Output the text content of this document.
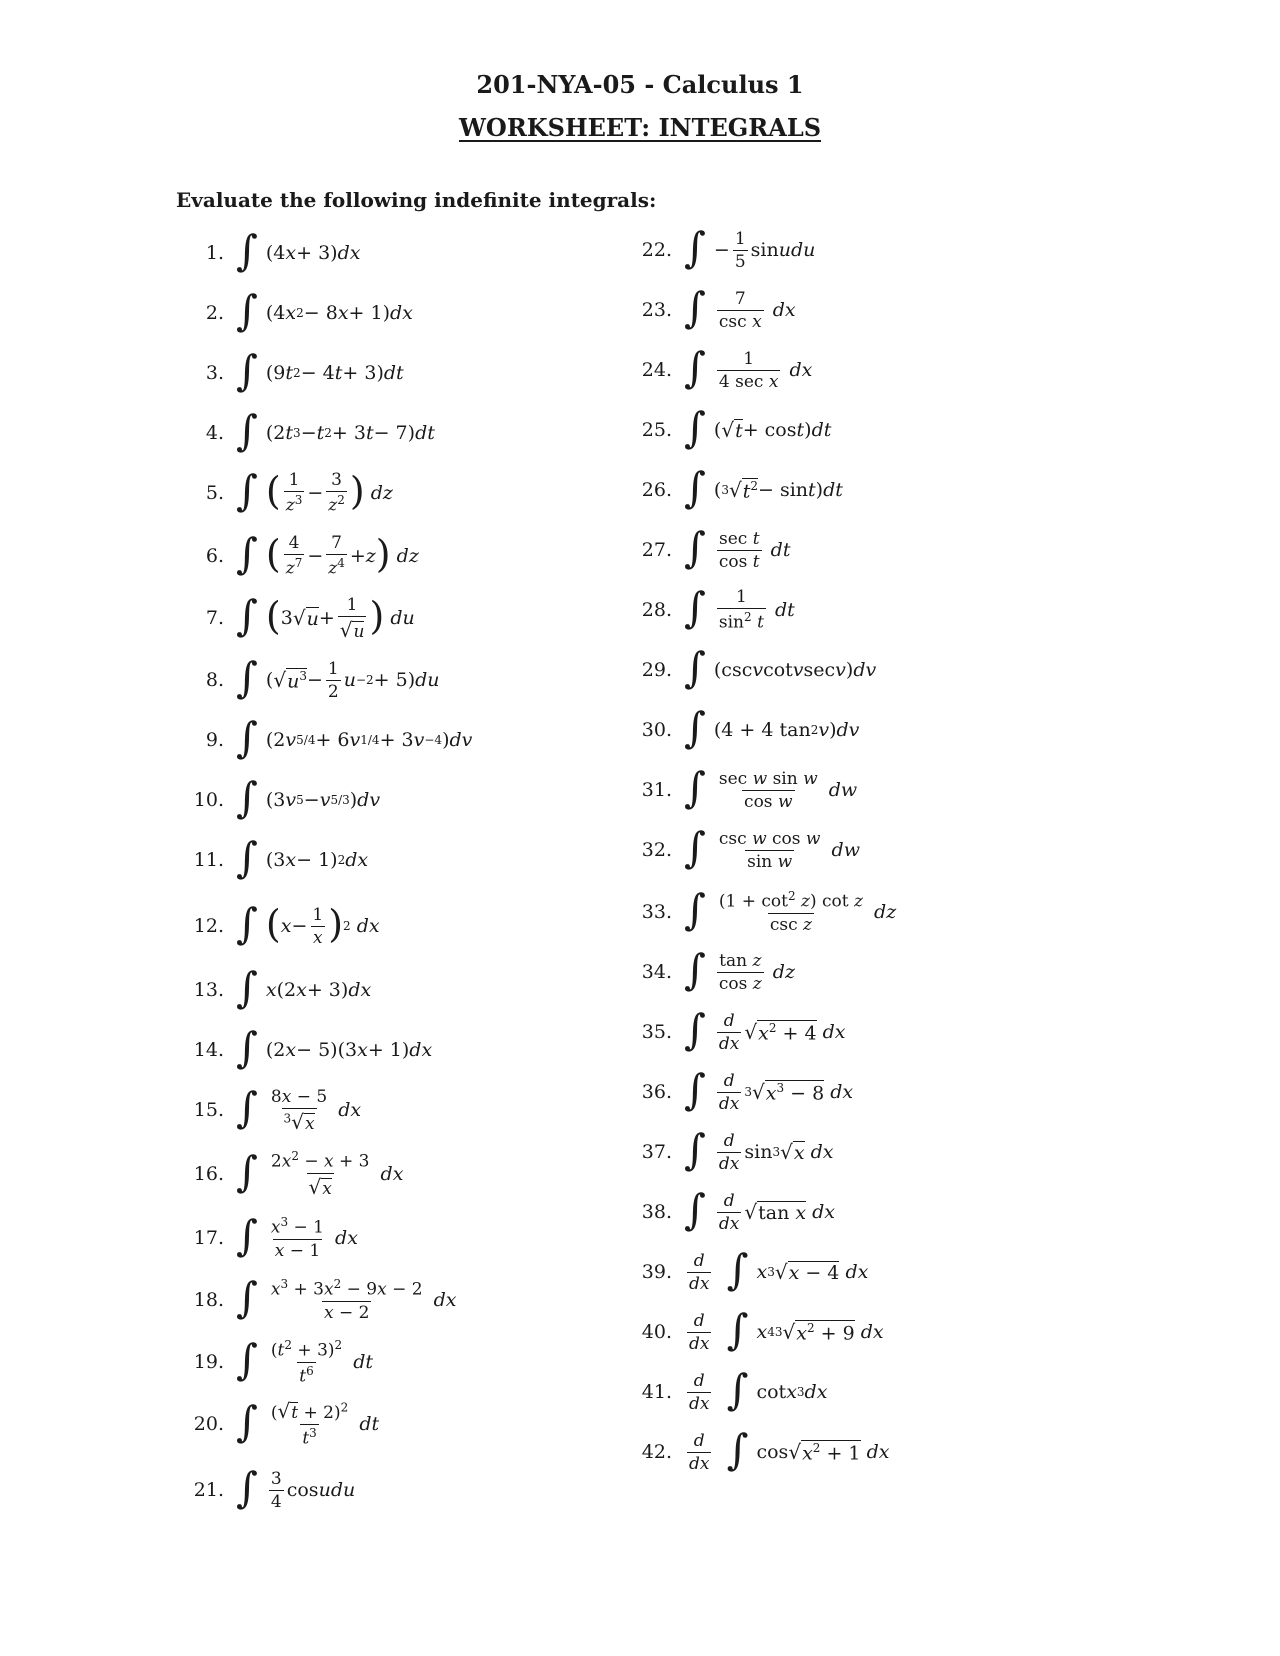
201-NYA-05 - Calculus 1
WORKSHEET: INTEGRALS
Evaluate the following indefinite integrals:
1. ∫ (4 x + 3) dx
2. ∫ (4 x 2 − 8 x + 1) dx
3. ∫ (9 t 2 − 4 t + 3) dt
4. ∫ (2 t 3 − t 2 + 3 t − 7) dt
5. ∫ ( $\frac{1}{z^3} - \frac{3}{z^2}$ )
dz
6. ∫ ( $\frac{4}{z^7} - \frac{7}{z^4} + z$ )
dz
7. ∫ ( 3 √ $u + \frac{1}{√u}$ )
du
8. ∫ ( √ $u^3 - \frac{1}{2}$ u −2 + 5) du
9. ∫ (2 v 5/4 + 6 v 1/4 + 3 v −4 ) dv
10. ∫ (3 v 5 − v 5/3 ) dv
11. ∫ (3 x − 1) 2 dx
12. ∫ ( $x - \frac{1}{x}$ ) 2
dx
13. ∫ x (2 x + 3) dx
14. ∫ (2 x − 5)(3 x + 1) dx
15. ∫ $\frac{8x - 5}{^3√x}$
dx
16. ∫ $\frac{2x^2 - x + 3}{√x}$
dx
17. ∫ $\frac{x^3 - 1}{x - 1}$
dx
18. ∫ $\frac{x^3 + 3x^2 - 9x - 2}{x - 2}$
dx
19. ∫ $\frac{(t^2 + 3)^2}{t^6}$
dt
20. ∫ $\frac{(√t + 2)^2}{t^3}$
dt
21. ∫ $\frac{3}{4}$ cos u du
22. ∫ − $\frac{1}{5}$ sin u du
23. ∫ $\frac{7}{\text{csc x}}$
dx
24. ∫ $\frac{1}{\text{4 sec x}}$
dx
25. ∫ ( √ t + cos t ) dt
26. ∫ ( 3 √ $t^2 - \sin t$ ) dt
27. ∫ $\frac{\text{sec t}}{\text{cos t}}$
dt
28. ∫ $\frac{1}{\sin^2 t}$
dt
29. ∫ (csc v cot v sec v ) dv
30. ∫ (4 + 4 tan 2 v ) dv
31. ∫ $\frac{\text{sec w sin w}}{\text{cos w}}$
dw
32. ∫ $\frac{\text{csc w cos w}}{\text{sin w}}$
dw
33. ∫ $\frac{(1 + \cot^2 z) \cot z}{\text{csc z}}$
dz
34. ∫ $\frac{\text{tan z}}{\text{cos z}}$
dz
35. ∫ $\frac{d}{dx}$ √ $x^2 + 4$
dx
36. ∫ $\frac{d}{dx} 3$ √ $x^3 - 8$
dx
37. ∫ $\frac{d}{dx}$ sin 3 √ x
dx
38. ∫ $\frac{d}{dx}$ √ tan x
dx
39. $\frac{d}{dx}$
∫ x 3 √ x − 4
dx
40. $\frac{d}{dx}$
∫ x 4 3 √ $x^2 + 9$
dx
41. $\frac{d}{dx}$
∫ cot x 3 dx
42. $\frac{d}{dx}$
∫ cos √ $x^2 + 1$
dx
